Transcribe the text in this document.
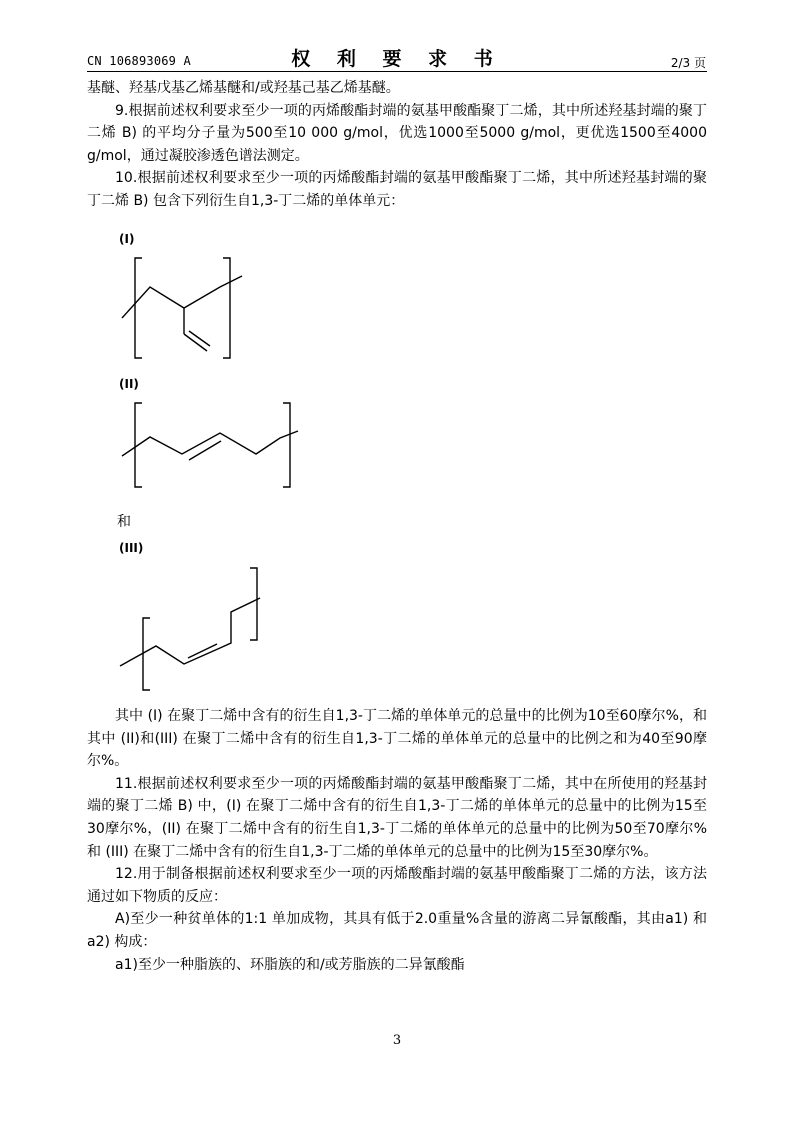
CN 106893069 A	权 利 要 求 书	2/3 页

基醚、羟基戊基乙烯基醚和/或羟基己基乙烯基醚。

9.根据前述权利要求至少一项的丙烯酸酯封端的氨基甲酸酯聚丁二烯，其中所述羟基封端的聚丁二烯 B) 的平均分子量为500至10 000 g/mol，优选1000至5000 g/mol，更优选1500至4000 g/mol，通过凝胶渗透色谱法测定。

10.根据前述权利要求至少一项的丙烯酸酯封端的氨基甲酸酯聚丁二烯，其中所述羟基封端的聚丁二烯 B) 包含下列衍生自1,3-丁二烯的单体单元：

(I)
(II)
和
(III)

其中 (I) 在聚丁二烯中含有的衍生自1,3-丁二烯的单体单元的总量中的比例为10至60摩尔%，和其中 (II)和(III) 在聚丁二烯中含有的衍生自1,3-丁二烯的单体单元的总量中的比例之和为40至90摩尔%。

11.根据前述权利要求至少一项的丙烯酸酯封端的氨基甲酸酯聚丁二烯，其中在所使用的羟基封端的聚丁二烯 B) 中，(I) 在聚丁二烯中含有的衍生自1,3-丁二烯的单体单元的总量中的比例为15至30摩尔%，(II) 在聚丁二烯中含有的衍生自1,3-丁二烯的单体单元的总量中的比例为50至70摩尔%和 (III) 在聚丁二烯中含有的衍生自1,3-丁二烯的单体单元的总量中的比例为15至30摩尔%。

12.用于制备根据前述权利要求至少一项的丙烯酸酯封端的氨基甲酸酯聚丁二烯的方法，该方法通过如下物质的反应：

A)至少一种贫单体的1:1 单加成物，其具有低于2.0重量%含量的游离二异氰酸酯，其由a1) 和a2) 构成：

a1)至少一种脂族的、环脂族的和/或芳脂族的二异氰酸酯

3
